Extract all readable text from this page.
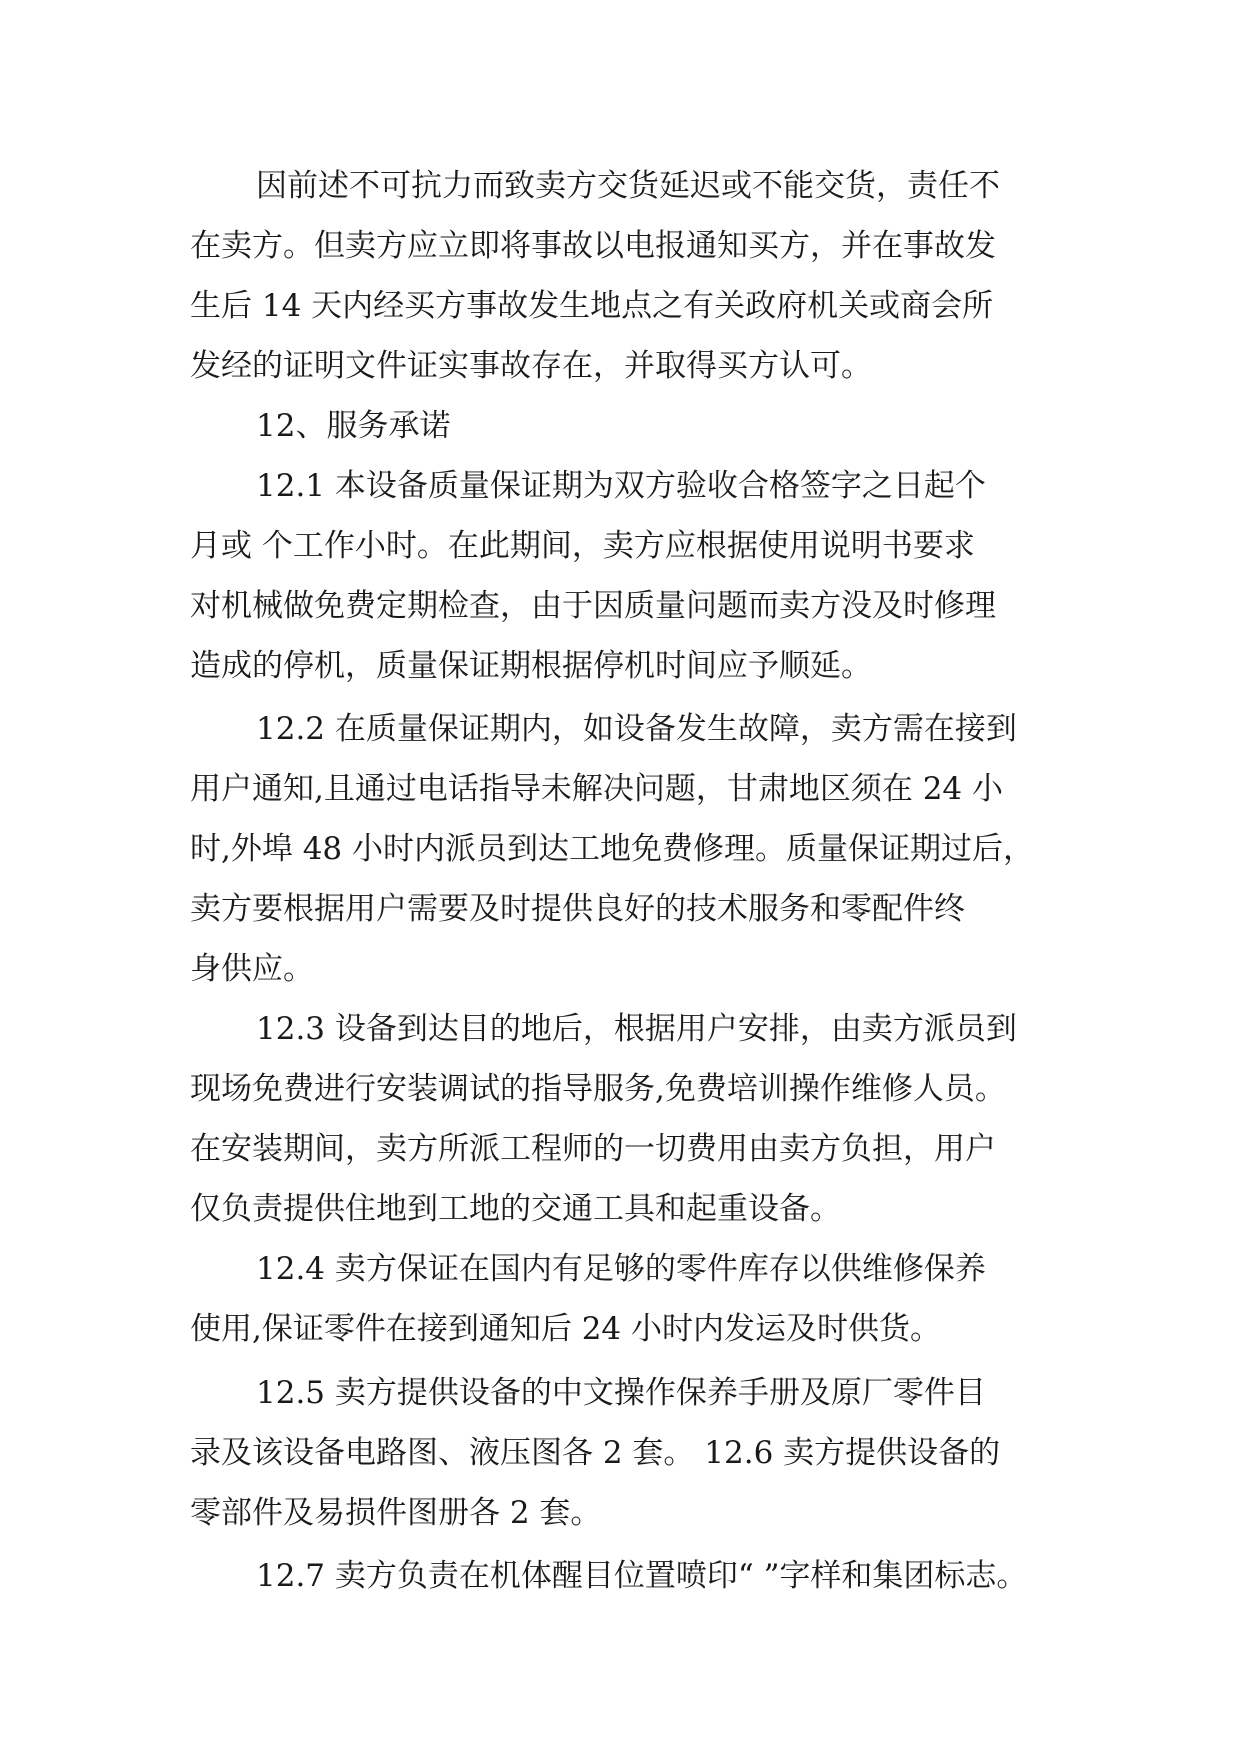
因前述不可抗力而致卖方交货延迟或不能交货，责任不
在卖方。但卖方应立即将事故以电报通知买方，并在事故发
生后 14 天内经买方事故发生地点之有关政府机关或商会所
发经的证明文件证实事故存在，并取得买方认可。
12、服务承诺
12.1 本设备质量保证期为双方验收合格签字之日起个
月或 个工作小时。在此期间，卖方应根据使用说明书要求
对机械做免费定期检查，由于因质量问题而卖方没及时修理
造成的停机，质量保证期根据停机时间应予顺延。
12.2 在质量保证期内，如设备发生故障，卖方需在接到
用户通知,且通过电话指导未解决问题，甘肃地区须在 24 小
时,外埠 48 小时内派员到达工地免费修理。质量保证期过后，
卖方要根据用户需要及时提供良好的技术服务和零配件终
身供应。
12.3 设备到达目的地后，根据用户安排，由卖方派员到
现场免费进行安装调试的指导服务,免费培训操作维修人员。
在安装期间，卖方所派工程师的一切费用由卖方负担，用户
仅负责提供住地到工地的交通工具和起重设备。
12.4 卖方保证在国内有足够的零件库存以供维修保养
使用,保证零件在接到通知后 24 小时内发运及时供货。
12.5 卖方提供设备的中文操作保养手册及原厂零件目
录及该设备电路图、液压图各 2 套。 12.6 卖方提供设备的
零部件及易损件图册各 2 套。
12.7 卖方负责在机体醒目位置喷印“ ”字样和集团标志。
